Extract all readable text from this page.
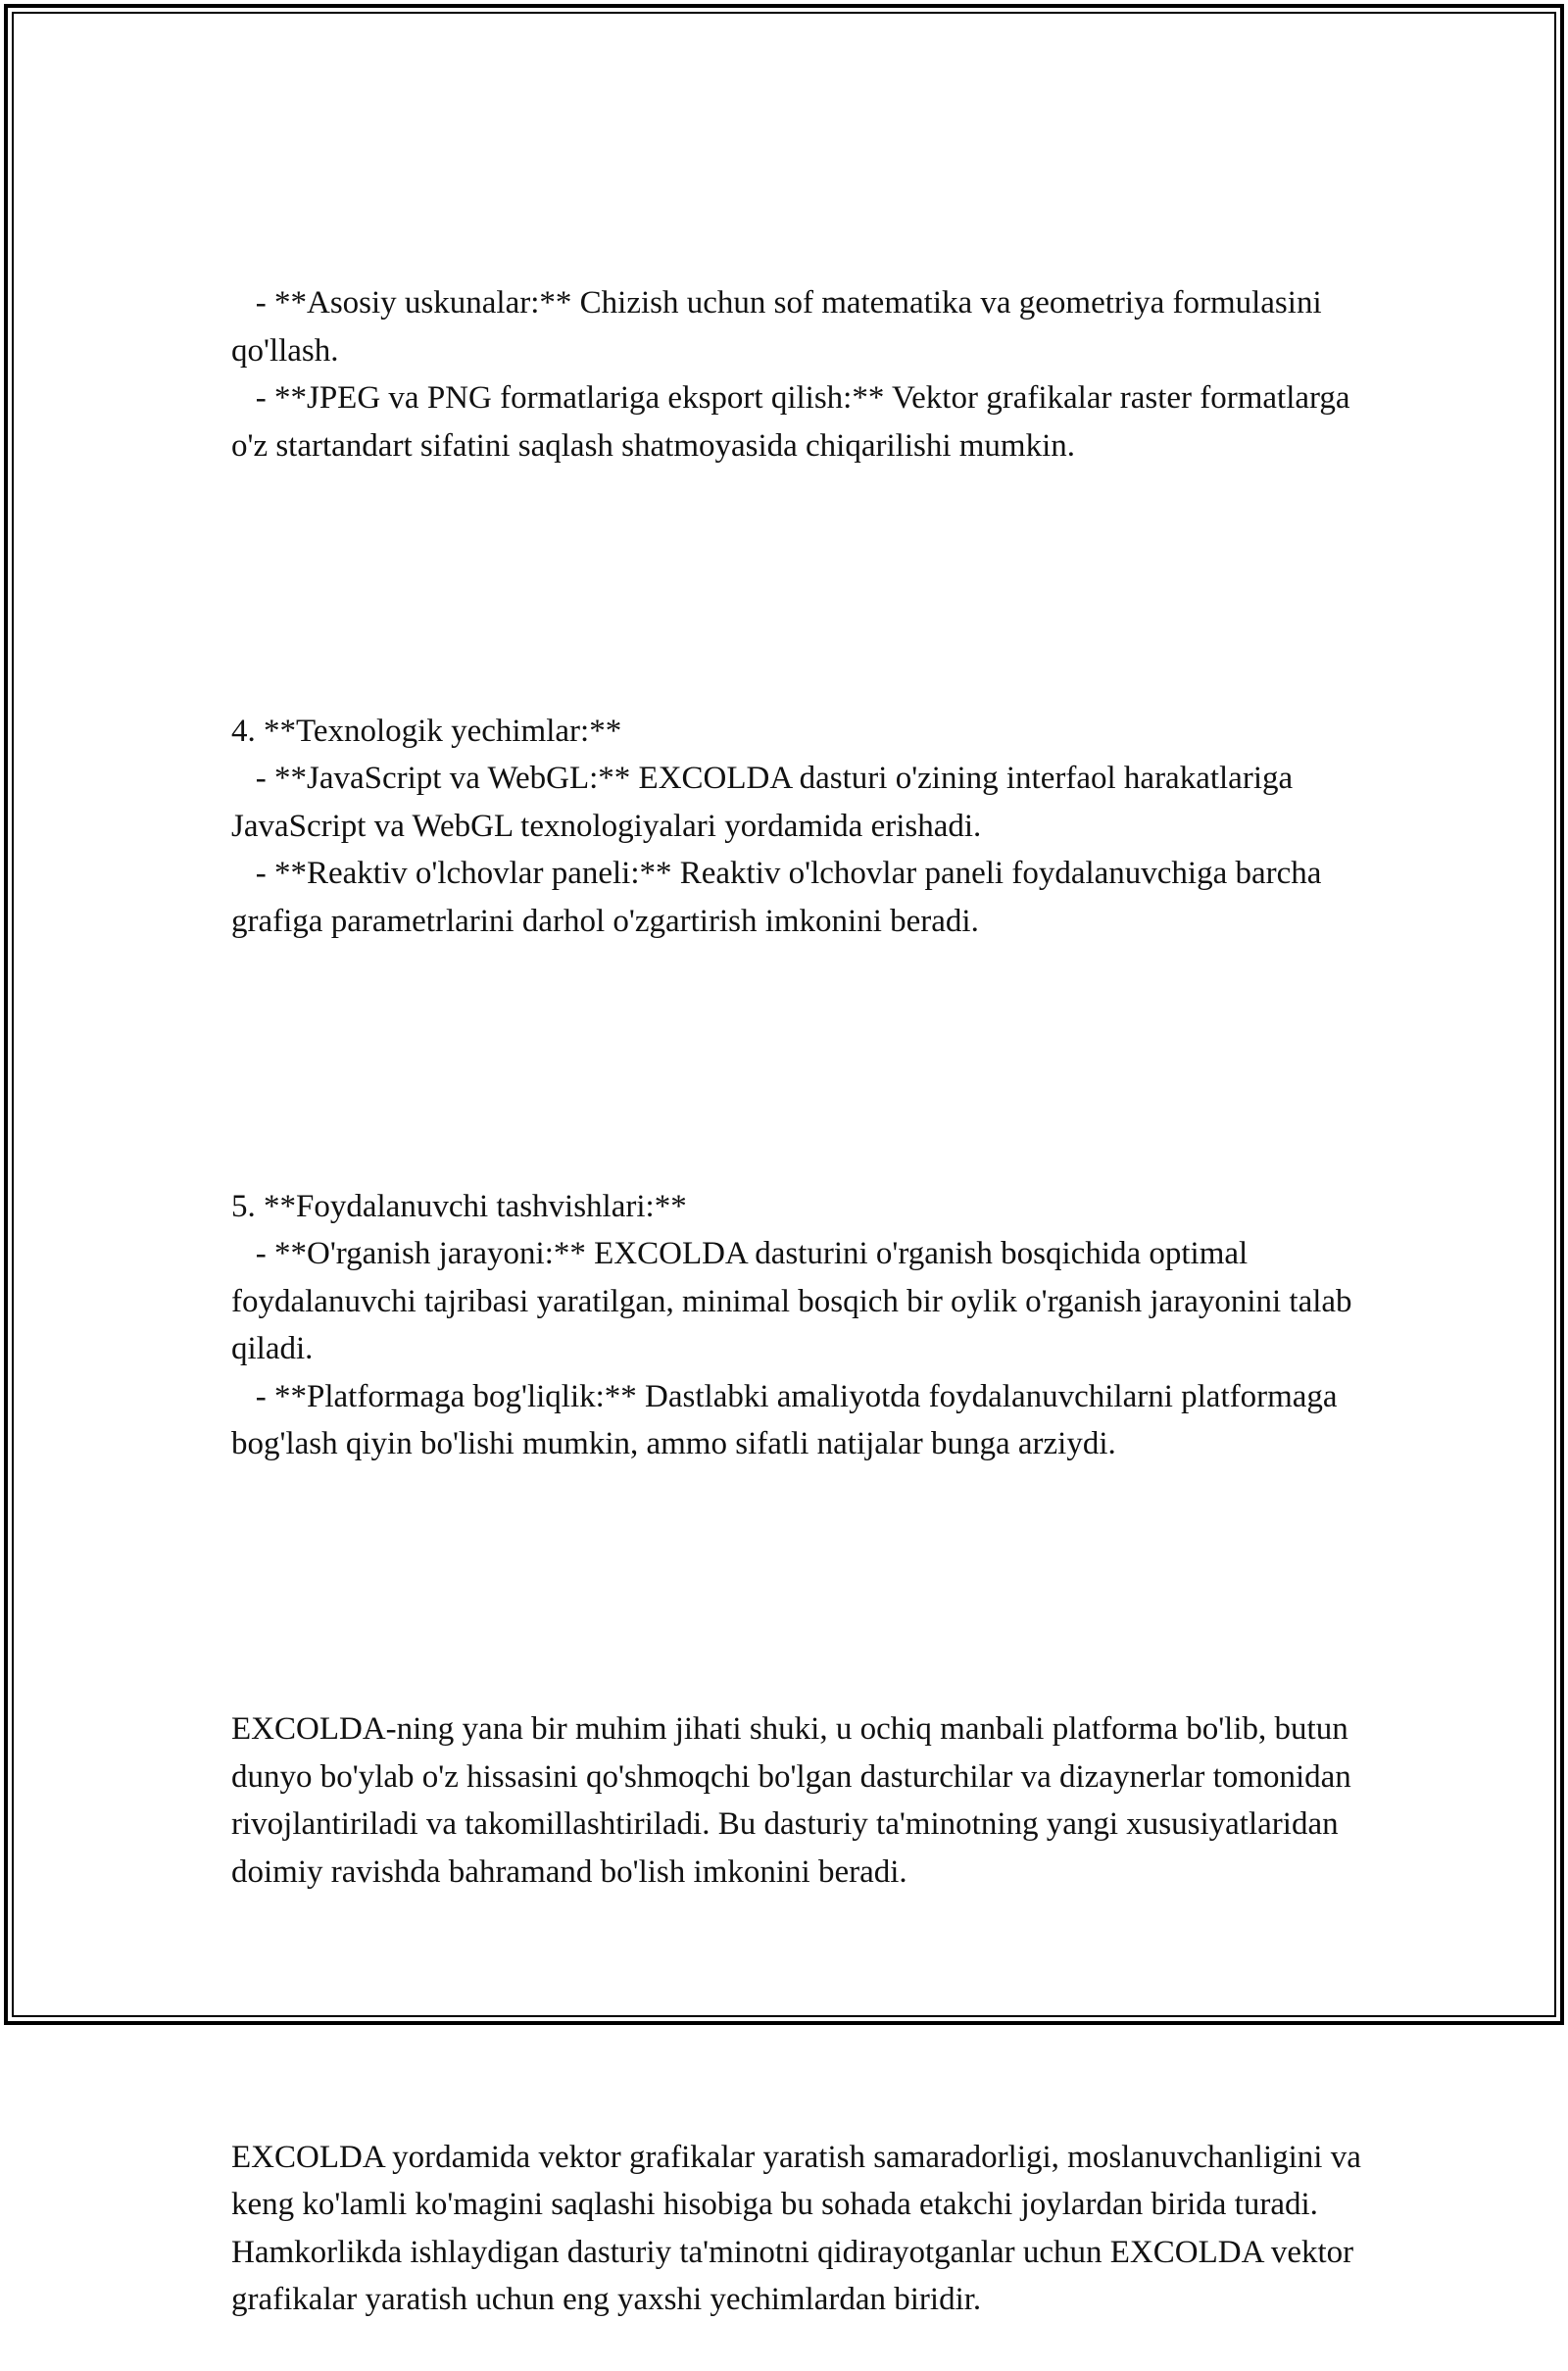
- **Asosiy uskunalar:** Chizish uchun sof matematika va geometriya formulasini qo'llash.
- **JPEG va PNG formatlariga eksport qilish:** Vektor grafikalar raster formatlarga o'z startandart sifatini saqlash shatmoyasida chiqarilishi mumkin.

4. **Texnologik yechimlar:**
- **JavaScript va WebGL:** EXCOLDA dasturi o'zining interfaol harakatlariga JavaScript va WebGL texnologiyalari yordamida erishadi.
- **Reaktiv o'lchovlar paneli:** Reaktiv o'lchovlar paneli foydalanuvchiga barcha grafiga parametrlarini darhol o'zgartirish imkonini beradi.

5. **Foydalanuvchi tashvishlari:**
- **O'rganish jarayoni:** EXCOLDA dasturini o'rganish bosqichida optimal foydalanuvchi tajribasi yaratilgan, minimal bosqich bir oylik o'rganish jarayonini talab qiladi.
- **Platformaga bog'liqlik:** Dastlabki amaliyotda foydalanuvchilarni platformaga bog'lash qiyin bo'lishi mumkin, ammo sifatli natijalar bunga arziydi.

EXCOLDA-ning yana bir muhim jihati shuki, u ochiq manbali platforma bo'lib, butun dunyo bo'ylab o'z hissasini qo'shmoqchi bo'lgan dasturchilar va dizaynerlar tomonidan rivojlantiriladi va takomillashtiriladi. Bu dasturiy ta'minotning yangi xususiyatlaridan doimiy ravishda bahramand bo'lish imkonini beradi.

EXCOLDA yordamida vektor grafikalar yaratish samaradorligi, moslanuvchanligini va keng ko'lamli ko'magini saqlashi hisobiga bu sohada etakchi joylardan birida turadi. Hamkorlikda ishlaydigan dasturiy ta'minotni qidirayotganlar uchun EXCOLDA vektor grafikalar yaratish uchun eng yaxshi yechimlardan biridir.
